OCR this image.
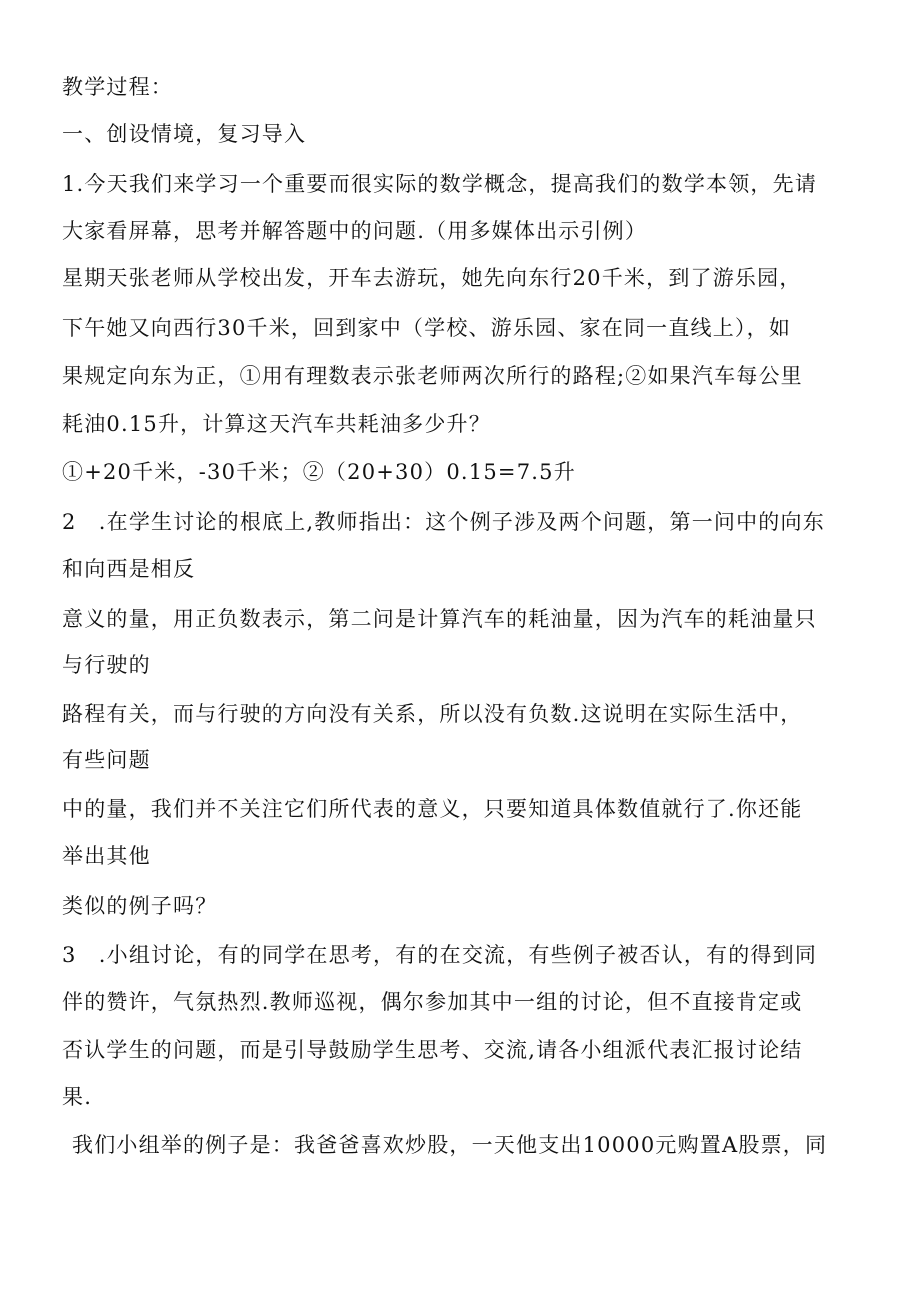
教学过程：
一、创设情境，复习导入
1.今天我们来学习一个重要而很实际的数学概念，提高我们的数学本领，先请
大家看屏幕，思考并解答题中的问题.（用多媒体出示引例）
星期天张老师从学校出发，开车去游玩，她先向东行20千米，到了游乐园，
下午她又向西行30千米，回到家中（学校、游乐园、家在同一直线上），如
果规定向东为正，①用有理数表示张老师两次所行的路程;②如果汽车每公里
耗油0.15升，计算这天汽车共耗油多少升？
①+20千米，-30千米；②（20+30）0.15=7.5升
2　.在学生讨论的根底上,教师指出：这个例子涉及两个问题，第一问中的向东
和向西是相反
意义的量，用正负数表示，第二问是计算汽车的耗油量，因为汽车的耗油量只
与行驶的
路程有关，而与行驶的方向没有关系，所以没有负数.这说明在实际生活中，
有些问题
中的量，我们并不关注它们所代表的意义，只要知道具体数值就行了.你还能
举出其他
类似的例子吗？
3　.小组讨论，有的同学在思考，有的在交流，有些例子被否认，有的得到同
伴的赞许，气氛热烈.教师巡视，偶尔参加其中一组的讨论，但不直接肯定或
否认学生的问题，而是引导鼓励学生思考、交流,请各小组派代表汇报讨论结
果.
我们小组举的例子是：我爸爸喜欢炒股，一天他支出10000元购置A股票，同
